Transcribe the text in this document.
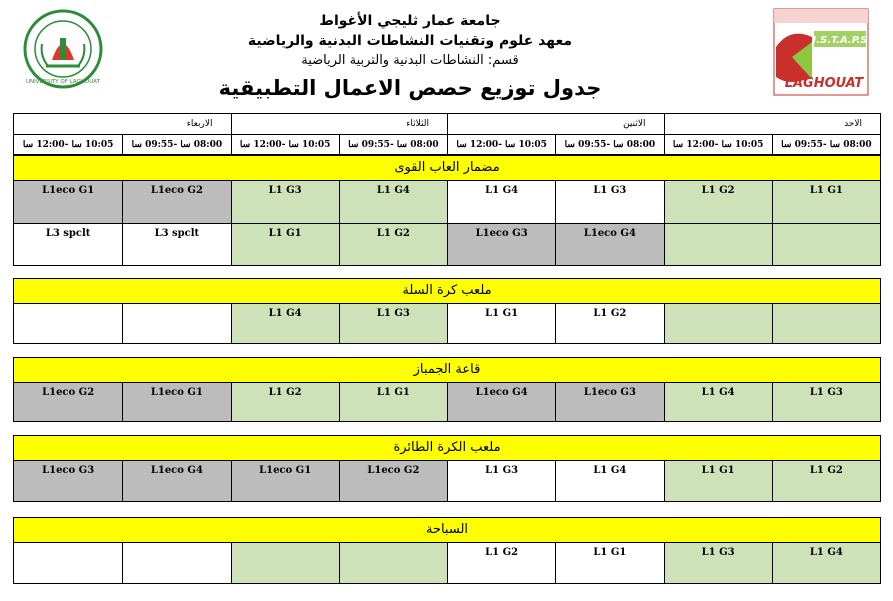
UNIVERSITY OF LAGHOUAT
جامعة عمار ثليجي الأغواط
معهد علوم وتقنيات النشاطات البدنية والرياضية
قسم: النشاطات البدنية والتربية الرياضية
جدول توزيع حصص الاعمال التطبيقية
I.S.T.A.P.S
LAGHOUAT
الاحد
الاثنين
الثلاثاء
الاربعاء
08:00 سا -09:55 سا
10:05 سا -12:00 سا
08:00 سا -09:55 سا
10:05 سا -12:00 سا
08:00 سا -09:55 سا
10:05 سا -12:00 سا
08:00 سا -09:55 سا
10:05 سا -12:00 سا
مضمار العاب القوى
L1 G1
L1 G2
L1 G3
L1 G4
L1 G4
L1 G3
L1eco G2
L1eco G1
L1eco G4
L1eco G3
L1 G2
L1 G1
L3 spclt
L3 spclt
ملعب كرة السلة
L1 G2
L1 G1
L1 G3
L1 G4
قاعة الجمباز
L1 G3
L1 G4
L1eco G3
L1eco G4
L1 G1
L1 G2
L1eco G1
L1eco G2
ملعب الكرة الطائرة
L1 G2
L1 G1
L1 G4
L1 G3
L1eco G2
L1eco G1
L1eco G4
L1eco G3
السباحة
L1 G4
L1 G3
L1 G1
L1 G2
